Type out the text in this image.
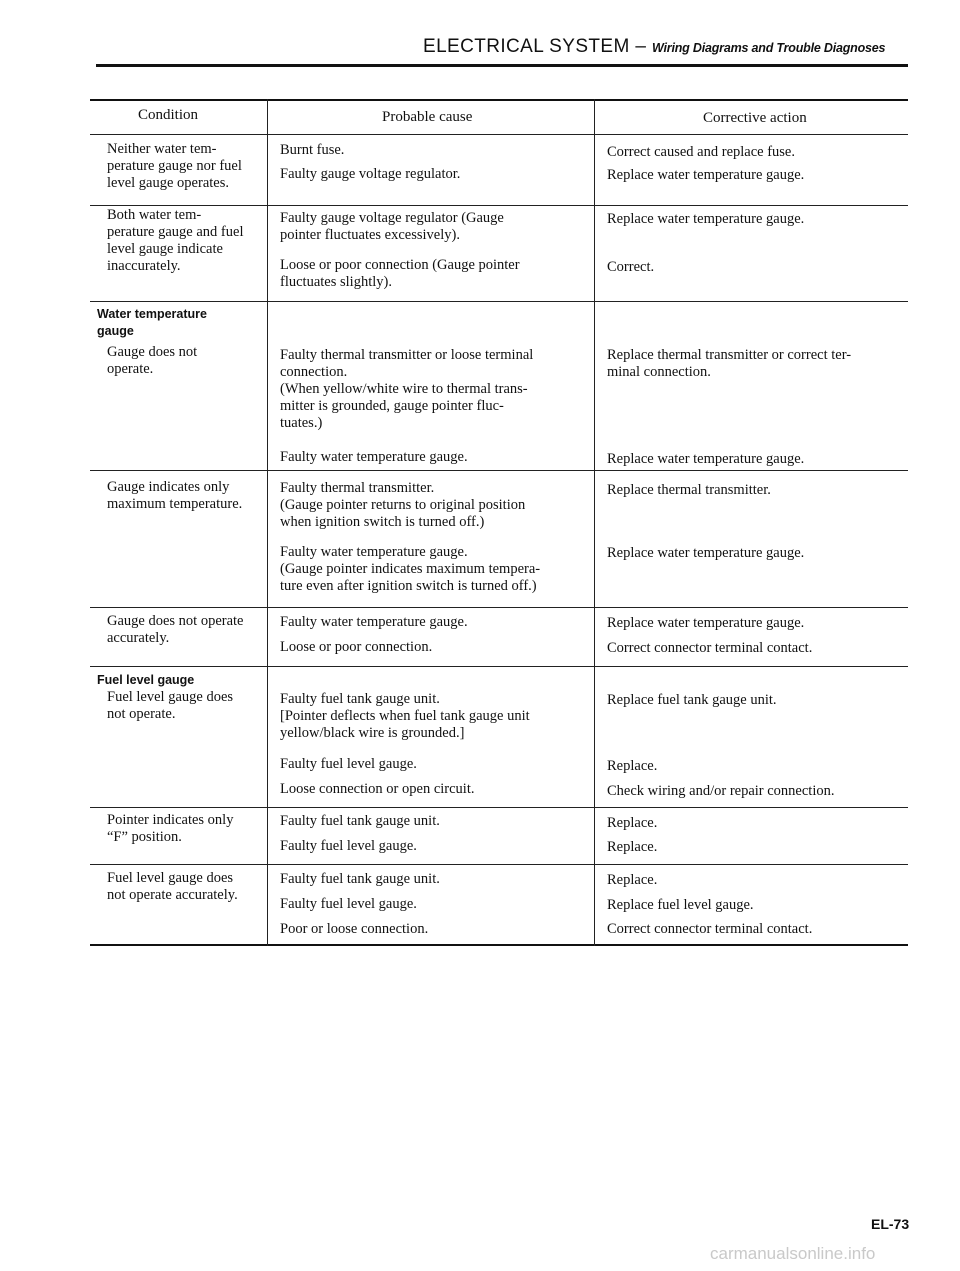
ELECTRICAL SYSTEM – Wiring Diagrams and Trouble Diagnoses
Condition	Probable cause	Corrective action
Neither water tem-
perature gauge nor fuel
level gauge operates.
Burnt fuse.
Faulty gauge voltage regulator.
Correct caused and replace fuse.
Replace water temperature gauge.
Both water tem-
perature gauge and fuel
level gauge indicate
inaccurately.
Faulty gauge voltage regulator (Gauge
pointer fluctuates excessively).
Loose or poor connection (Gauge pointer
fluctuates slightly).
Replace water temperature gauge.
Correct.
Water temperature
gauge
Gauge does not
operate.
Faulty thermal transmitter or loose terminal
connection.
(When yellow/white wire to thermal trans-
mitter is grounded, gauge pointer fluc-
tuates.)
Faulty water temperature gauge.
Replace thermal transmitter or correct ter-
minal connection.
Replace water temperature gauge.
Gauge indicates only
maximum temperature.
Faulty thermal transmitter.
(Gauge pointer returns to original position
when ignition switch is turned off.)
Faulty water temperature gauge.
(Gauge pointer indicates maximum tempera-
ture even after ignition switch is turned off.)
Replace thermal transmitter.
Replace water temperature gauge.
Gauge does not operate
accurately.
Faulty water temperature gauge.
Loose or poor connection.
Replace water temperature gauge.
Correct connector terminal contact.
Fuel level gauge
Fuel level gauge does
not operate.
Faulty fuel tank gauge unit.
[Pointer deflects when fuel tank gauge unit
yellow/black wire is grounded.]
Faulty fuel level gauge.
Loose connection or open circuit.
Replace fuel tank gauge unit.
Replace.
Check wiring and/or repair connection.
Pointer indicates only
“F” position.
Faulty fuel tank gauge unit.
Faulty fuel level gauge.
Replace.
Replace.
Fuel level gauge does
not operate accurately.
Faulty fuel tank gauge unit.
Faulty fuel level gauge.
Poor or loose connection.
Replace.
Replace fuel level gauge.
Correct connector terminal contact.
EL-73
carmanualsonline.info
